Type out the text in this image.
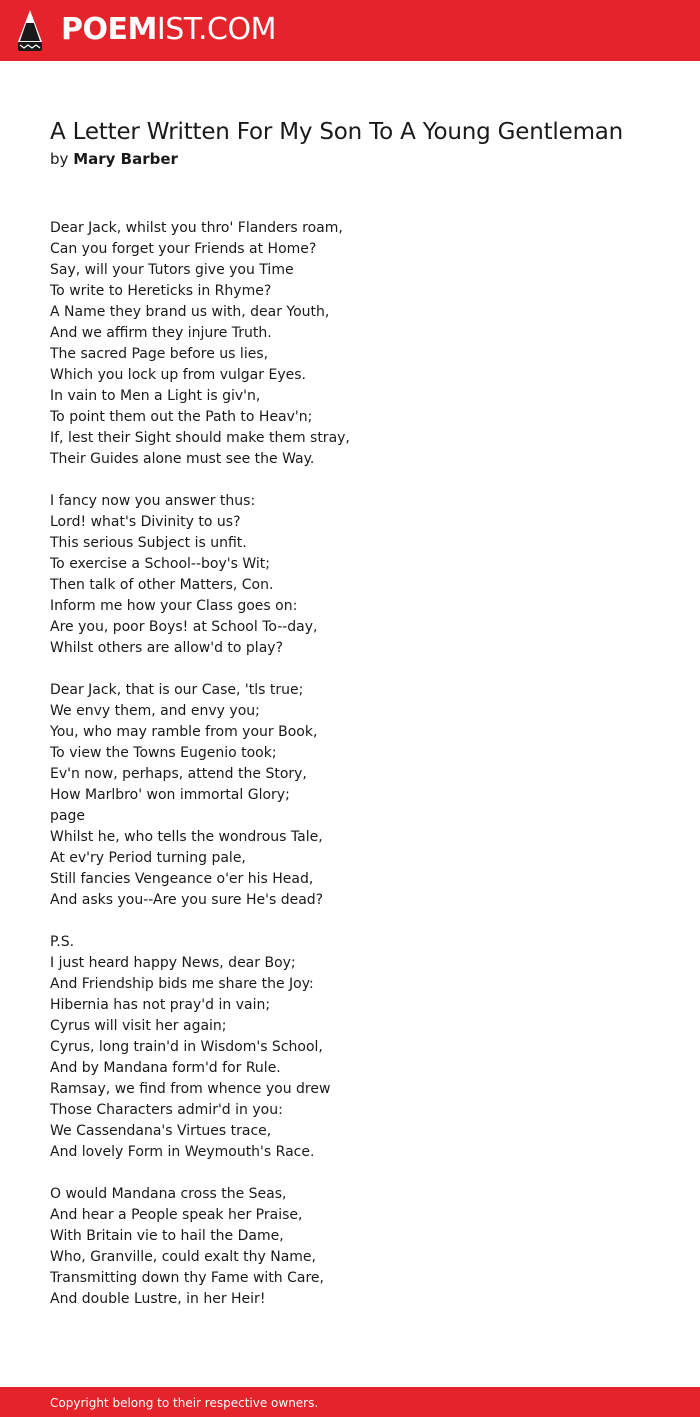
POEMIST.COM
A Letter Written For My Son To A Young Gentleman
by Mary Barber
Dear Jack, whilst you thro' Flanders roam,
Can you forget your Friends at Home?
Say, will your Tutors give you Time
To write to Hereticks in Rhyme?
A Name they brand us with, dear Youth,
And we affirm they injure Truth.
The sacred Page before us lies,
Which you lock up from vulgar Eyes.
In vain to Men a Light is giv'n,
To point them out the Path to Heav'n;
If, lest their Sight should make them stray,
Their Guides alone must see the Way.
I fancy now you answer thus:
Lord! what's Divinity to us?
This serious Subject is unfit.
To exercise a School--boy's Wit;
Then talk of other Matters, Con.
Inform me how your Class goes on:
Are you, poor Boys! at School To--day,
Whilst others are allow'd to play?
Dear Jack, that is our Case, 'tls true;
We envy them, and envy you;
You, who may ramble from your Book,
To view the Towns Eugenio took;
Ev'n now, perhaps, attend the Story,
How Marlbro' won immortal Glory;
page
Whilst he, who tells the wondrous Tale,
At ev'ry Period turning pale,
Still fancies Vengeance o'er his Head,
And asks you--Are you sure He's dead?
P.S.
I just heard happy News, dear Boy;
And Friendship bids me share the Joy:
Hibernia has not pray'd in vain;
Cyrus will visit her again;
Cyrus, long train'd in Wisdom's School,
And by Mandana form'd for Rule.
Ramsay, we find from whence you drew
Those Characters admir'd in you:
We Cassendana's Virtues trace,
And lovely Form in Weymouth's Race.
O would Mandana cross the Seas,
And hear a People speak her Praise,
With Britain vie to hail the Dame,
Who, Granville, could exalt thy Name,
Transmitting down thy Fame with Care,
And double Lustre, in her Heir!
Copyright belong to their respective owners.
